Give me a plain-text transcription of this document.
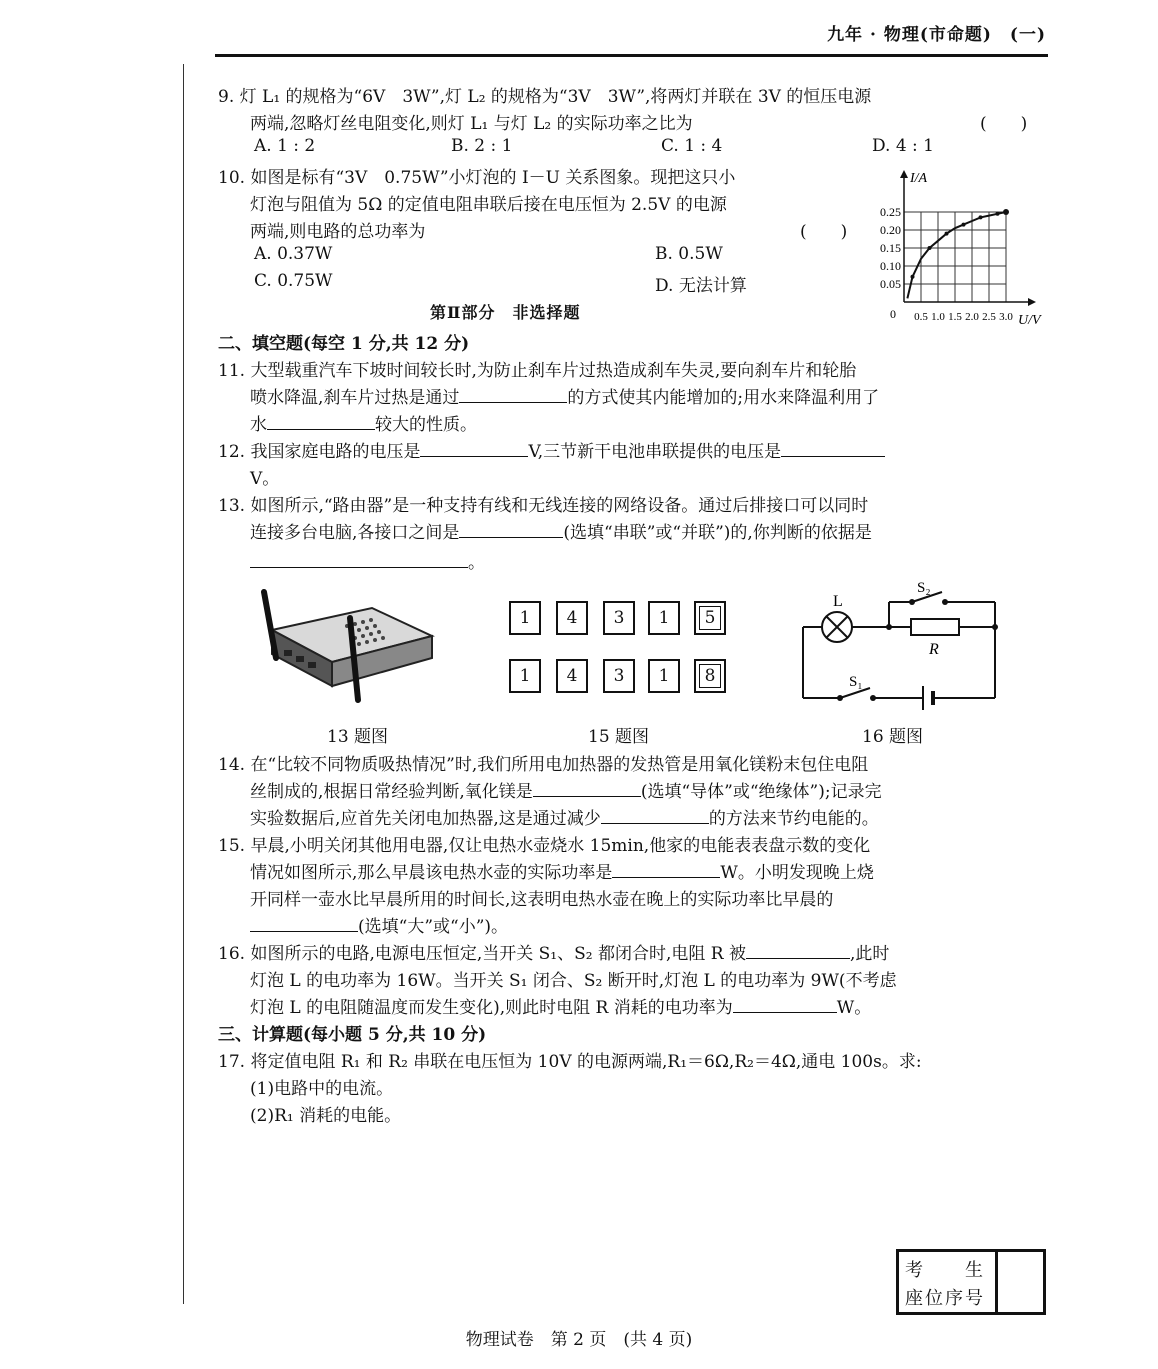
九年 · 物理(市命题)　(一)
9. 灯 L₁ 的规格为“6V　3W”,灯 L₂ 的规格为“3V　3W”,将两灯并联在 3V 的恒压电源
两端,忽略灯丝电阻变化,则灯 L₁ 与灯 L₂ 的实际功率之比为	(　　)
A. 1 : 2	B. 2 : 1	C. 1 : 4	D. 4 : 1
10. 如图是标有“3V　0.75W”小灯泡的 I－U 关系图象。现把这只小
灯泡与阻值为 5Ω 的定值电阻串联后接在电压恒为 2.5V 的电源
两端,则电路的总功率为	(　　)
A. 0.37W	B. 0.5W
C. 0.75W	D. 无法计算	0.05
0.10
0.15
0.20
0.25
0.5 1.0 1.5 2.0 2.5 3.0
0	U/V
I/A
第Ⅱ部分　非选择题
二、填空题(每空 1 分,共 12 分)
11. 大型载重汽车下坡时间较长时,为防止刹车片过热造成刹车失灵,要向刹车片和轮胎
喷水降温,刹车片过热是通过	的方式使其内能增加的;用水来降温利用了
水	较大的性质。
12. 我国家庭电路的电压是	V,三节新干电池串联提供的电压是
V。
13. 如图所示,“路由器”是一种支持有线和无线连接的网络设备。通过后排接口可以同时
连接多台电脑,各接口之间是	(选填“串联”或“并联”)的,你判断的依据是
。
13 题图
1	4	3	1	5
1	4	3	1	8
15 题图
L
S₂
R
S₁
16 题图
14. 在“比较不同物质吸热情况”时,我们所用电加热器的发热管是用氧化镁粉末包住电阻
丝制成的,根据日常经验判断,氧化镁是	(选填“导体”或“绝缘体”);记录完
实验数据后,应首先关闭电加热器,这是通过减少	的方法来节约电能的。
15. 早晨,小明关闭其他用电器,仅让电热水壶烧水 15min,他家的电能表表盘示数的变化
情况如图所示,那么早晨该电热水壶的实际功率是	W。小明发现晚上烧
开同样一壶水比早晨所用的时间长,这表明电热水壶在晚上的实际功率比早晨的
(选填“大”或“小”)。
16. 如图所示的电路,电源电压恒定,当开关 S₁、S₂ 都闭合时,电阻 R 被	,此时
灯泡 L 的电功率为 16W。当开关 S₁ 闭合、S₂ 断开时,灯泡 L 的电功率为 9W(不考虑
灯泡 L 的电阻随温度而发生变化),则此时电阻 R 消耗的电功率为	W。
三、计算题(每小题 5 分,共 10 分)
17. 将定值电阻 R₁ 和 R₂ 串联在电压恒为 10V 的电源两端,R₁＝6Ω,R₂＝4Ω,通电 100s。求:
(1)电路中的电流。
(2)R₁ 消耗的电能。
考　　生
座位序号
物理试卷　第 2 页　(共 4 页)
